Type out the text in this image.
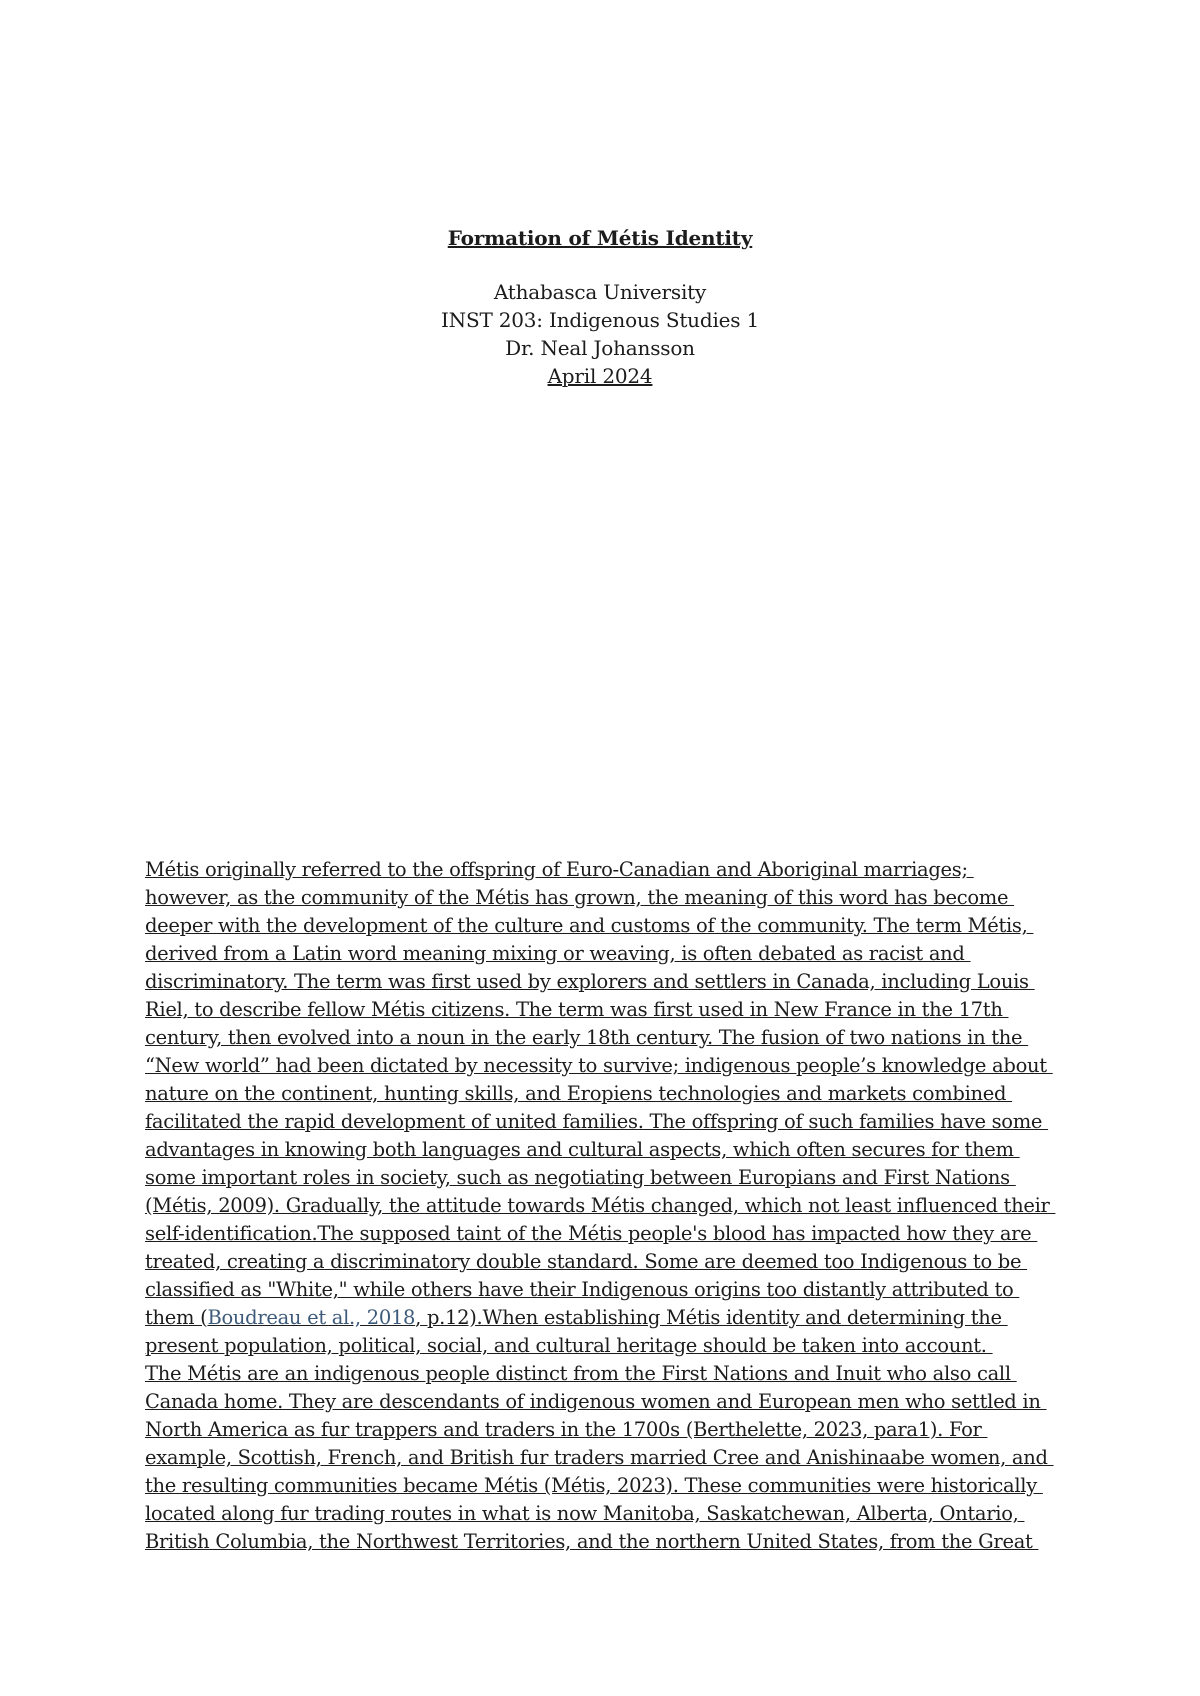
Formation of Métis Identity

Athabasca University

INST 203: Indigenous Studies 1

Dr. Neal Johansson

April 2024

Métis originally referred to the offspring of Euro-Canadian and Aboriginal marriages;
however, as the community of the Métis has grown, the meaning of this word has become
deeper with the development of the culture and customs of the community. The term Métis,
derived from a Latin word meaning mixing or weaving, is often debated as racist and
discriminatory. The term was first used by explorers and settlers in Canada, including Louis
Riel, to describe fellow Métis citizens. The term was first used in New France in the 17th
century, then evolved into a noun in the early 18th century. The fusion of two nations in the
“New world” had been dictated by necessity to survive; indigenous people’s knowledge about
nature on the continent, hunting skills, and Eropiens technologies and markets combined
facilitated the rapid development of united families. The offspring of such families have some
advantages in knowing both languages and cultural aspects, which often secures for them
some important roles in society, such as negotiating between Europians and First Nations
(Métis, 2009). Gradually, the attitude towards Métis changed, which not least influenced their
self-identification.The supposed taint of the Métis people's blood has impacted how they are
treated, creating a discriminatory double standard. Some are deemed too Indigenous to be
classified as "White," while others have their Indigenous origins too distantly attributed to
them (Boudreau et al., 2018, p.12).When establishing Métis identity and determining the
present population, political, social, and cultural heritage should be taken into account.
The Métis are an indigenous people distinct from the First Nations and Inuit who also call
Canada home. They are descendants of indigenous women and European men who settled in
North America as fur trappers and traders in the 1700s (Berthelette, 2023, para1). For
example, Scottish, French, and British fur traders married Cree and Anishinaabe women, and
the resulting communities became Métis (Métis, 2023). These communities were historically
located along fur trading routes in what is now Manitoba, Saskatchewan, Alberta, Ontario,
British Columbia, the Northwest Territories, and the northern United States, from the Great
